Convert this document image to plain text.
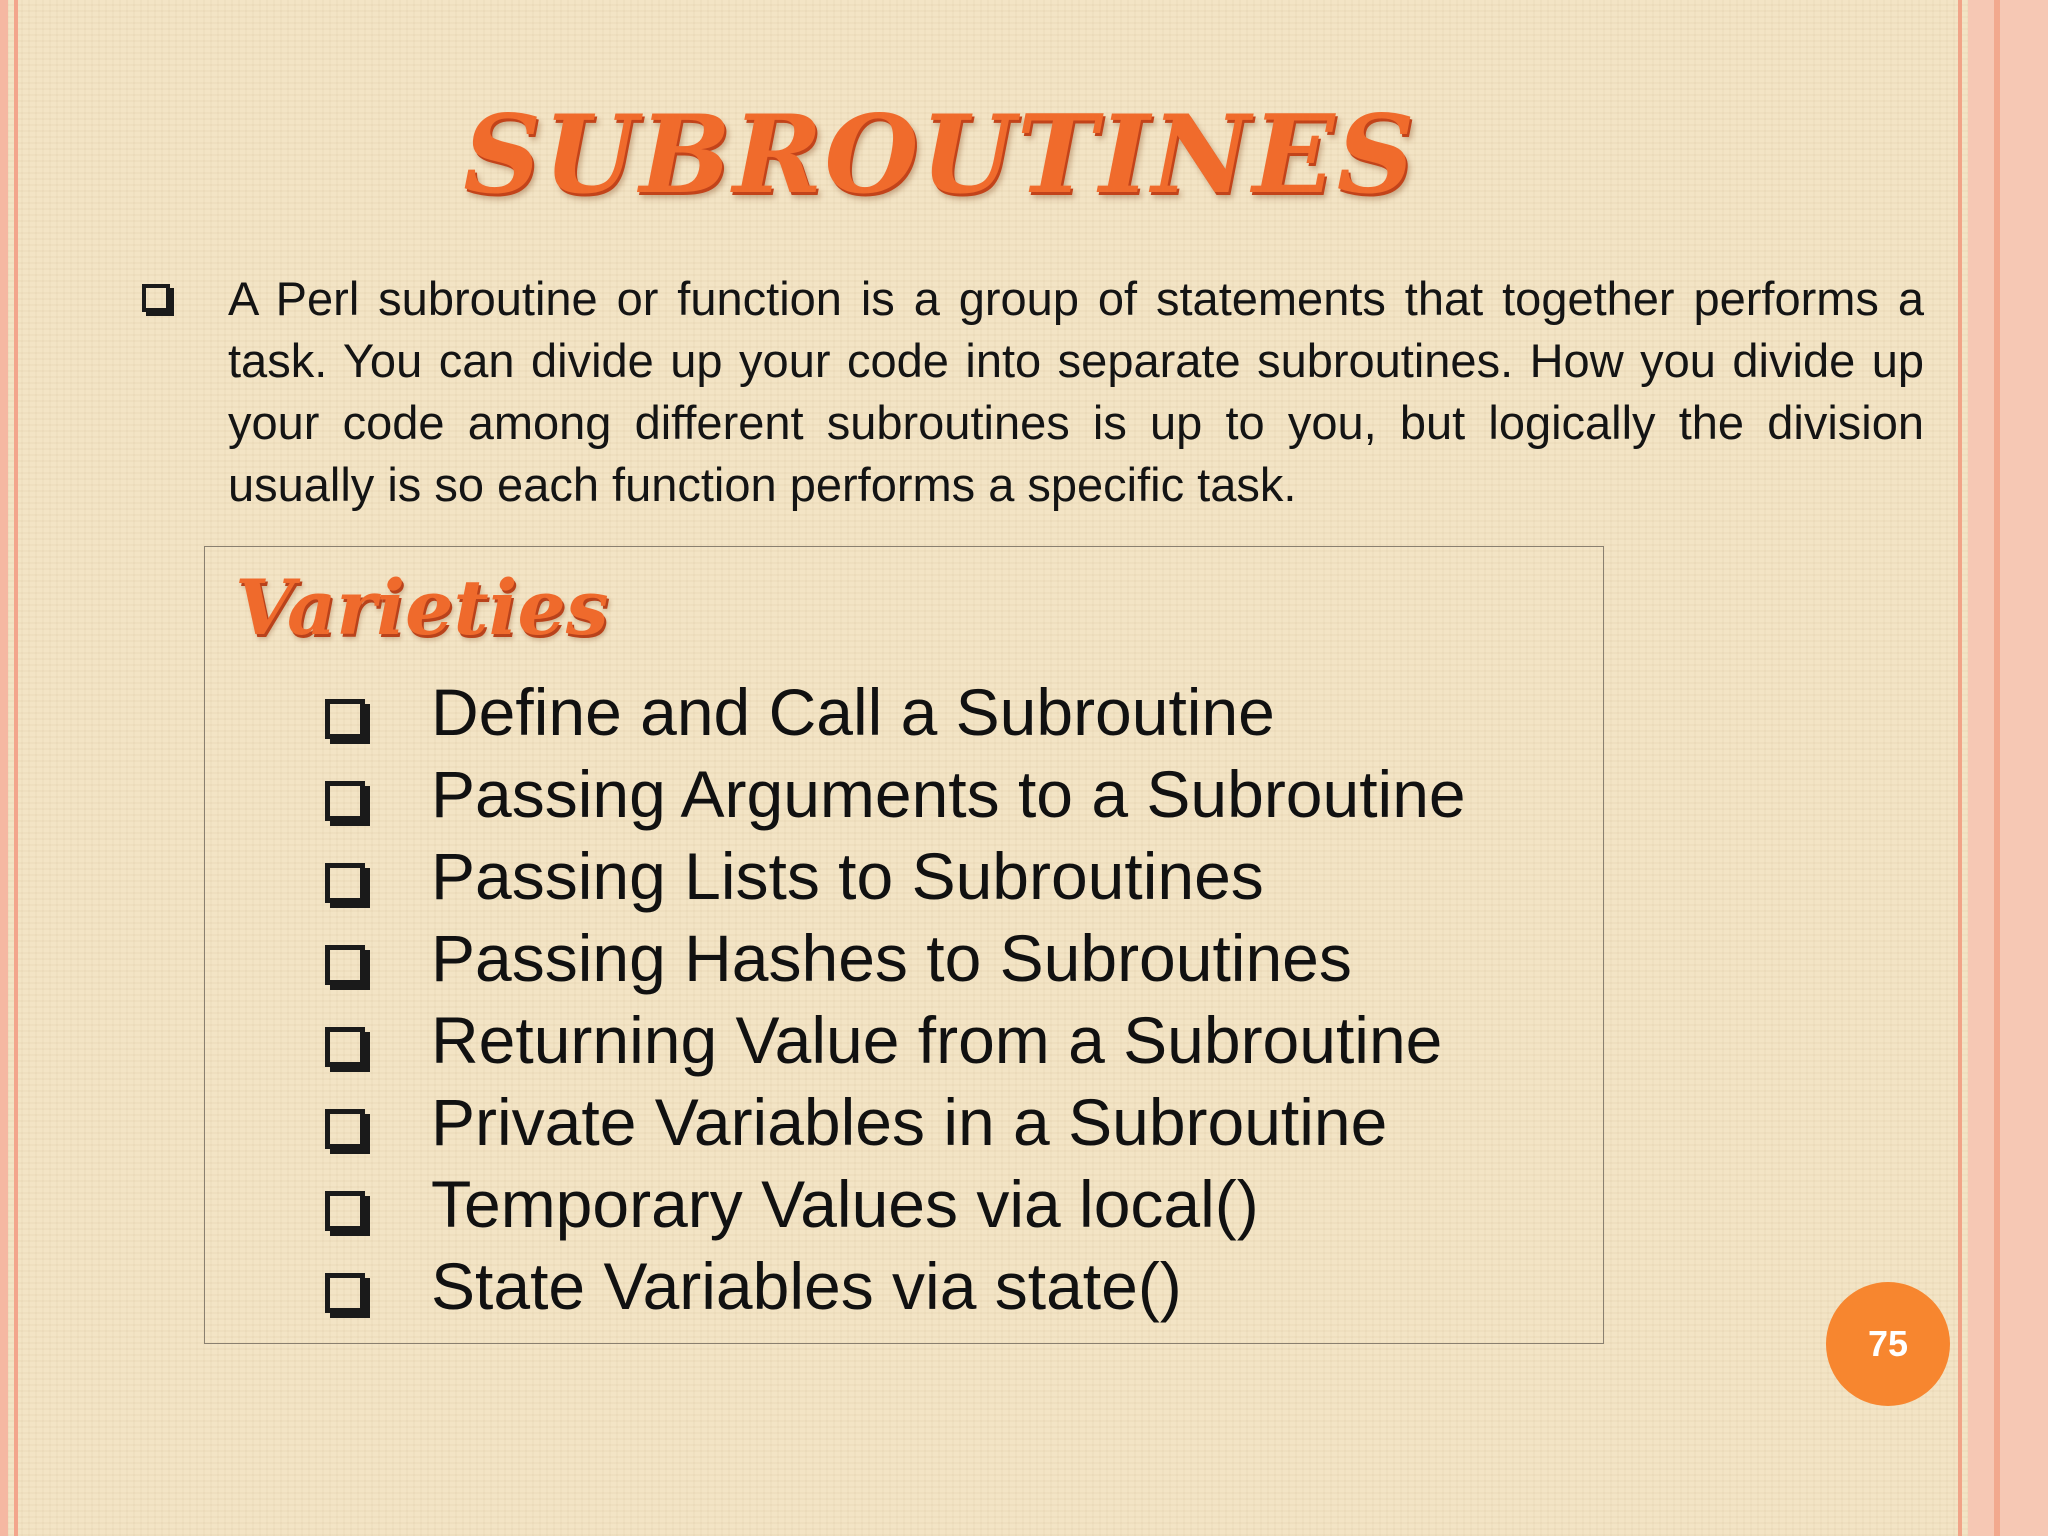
SUBROUTINES

A Perl subroutine or function is a group of statements that together performs a task. You can divide up your code into separate subroutines. How you divide up your code among different subroutines is up to you, but logically the division usually is so each function performs a specific task.

Varieties
Define and Call a Subroutine
Passing Arguments to a Subroutine
Passing Lists to Subroutines
Passing Hashes to Subroutines
Returning Value from a Subroutine
Private Variables in a Subroutine
Temporary Values via local()
State Variables via state()
75
